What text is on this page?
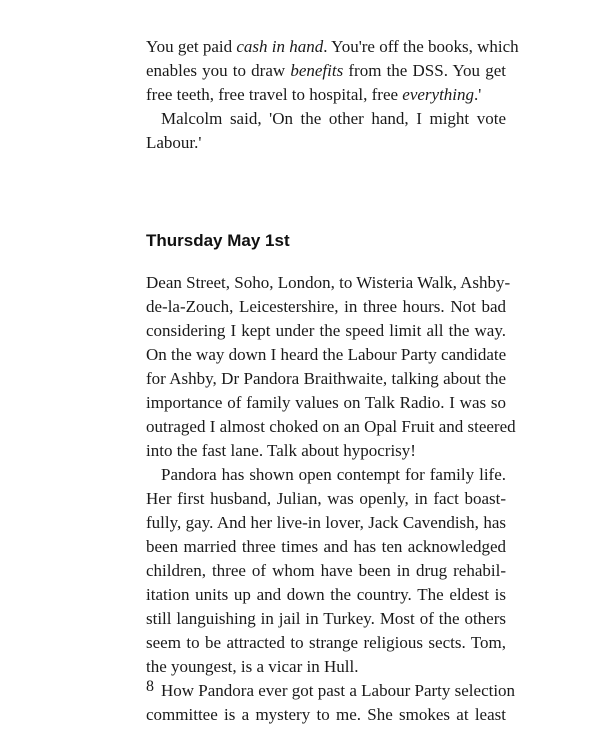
You get paid cash in hand. You're off the books, which
enables you to draw benefits from the DSS. You get
free teeth, free travel to hospital, free everything.'
Malcolm said, 'On the other hand, I might vote
Labour.'
Thursday May 1st
Dean Street, Soho, London, to Wisteria Walk, Ashby-
de-la-Zouch, Leicestershire, in three hours. Not bad
considering I kept under the speed limit all the way.
On the way down I heard the Labour Party candidate
for Ashby, Dr Pandora Braithwaite, talking about the
importance of family values on Talk Radio. I was so
outraged I almost choked on an Opal Fruit and steered
into the fast lane. Talk about hypocrisy!
Pandora has shown open contempt for family life.
Her first husband, Julian, was openly, in fact boast-
fully, gay. And her live-in lover, Jack Cavendish, has
been married three times and has ten acknowledged
children, three of whom have been in drug rehabil-
itation units up and down the country. The eldest is
still languishing in jail in Turkey. Most of the others
seem to be attracted to strange religious sects. Tom,
the youngest, is a vicar in Hull.
How Pandora ever got past a Labour Party selection
committee is a mystery to me. She smokes at least
8
